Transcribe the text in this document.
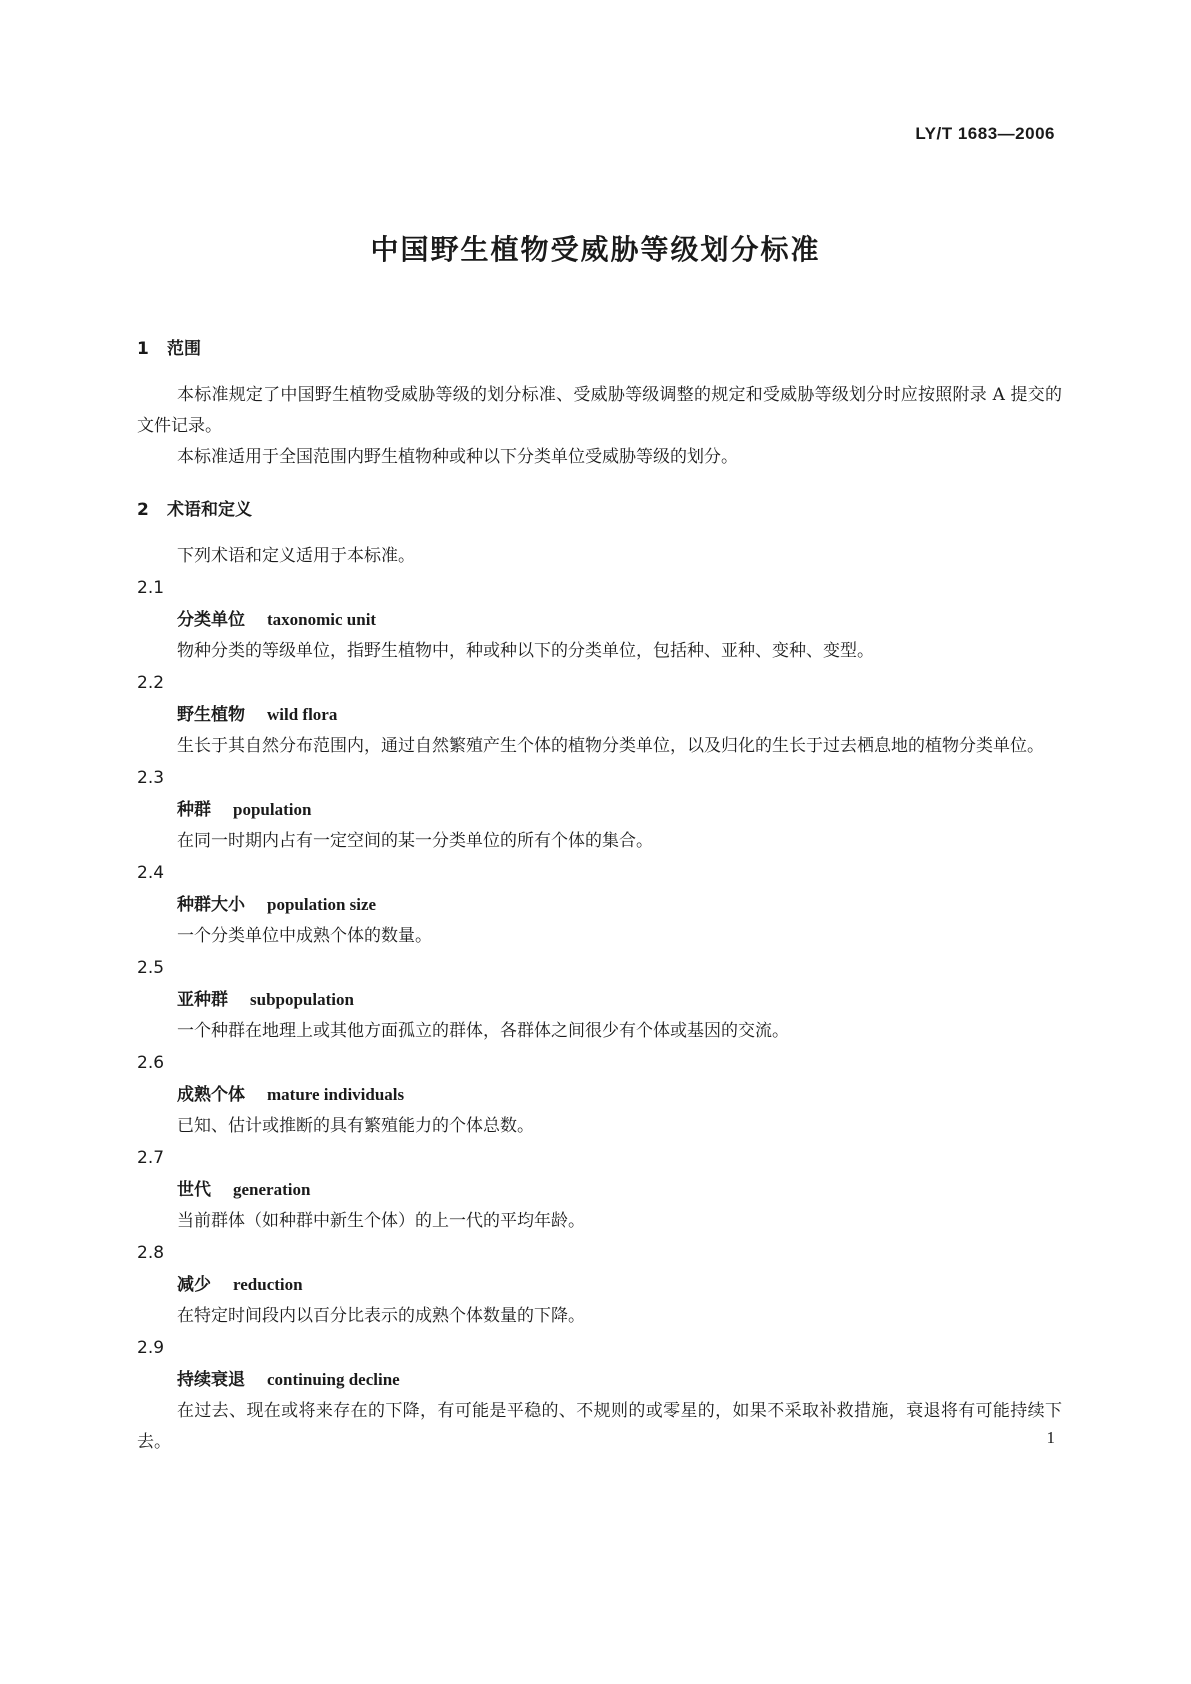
LY/T 1683—2006
中国野生植物受威胁等级划分标准
1 范围

本标准规定了中国野生植物受威胁等级的划分标准、受威胁等级调整的规定和受威胁等级划分时应按照附录 A 提交的文件记录。

本标准适用于全国范围内野生植物种或种以下分类单位受威胁等级的划分。

2 术语和定义

下列术语和定义适用于本标准。

2.1
分类单位 taxonomic unit

物种分类的等级单位，指野生植物中，种或种以下的分类单位，包括种、亚种、变种、变型。

2.2
野生植物 wild flora

生长于其自然分布范围内，通过自然繁殖产生个体的植物分类单位，以及归化的生长于过去栖息地的植物分类单位。

2.3
种群 population

在同一时期内占有一定空间的某一分类单位的所有个体的集合。

2.4
种群大小 population size

一个分类单位中成熟个体的数量。

2.5
亚种群 subpopulation

一个种群在地理上或其他方面孤立的群体，各群体之间很少有个体或基因的交流。

2.6
成熟个体 mature individuals

已知、估计或推断的具有繁殖能力的个体总数。

2.7
世代 generation

当前群体（如种群中新生个体）的上一代的平均年龄。

2.8
减少 reduction

在特定时间段内以百分比表示的成熟个体数量的下降。

2.9
持续衰退 continuing decline

在过去、现在或将来存在的下降，有可能是平稳的、不规则的或零星的，如果不采取补救措施，衰退将有可能持续下去。	1
